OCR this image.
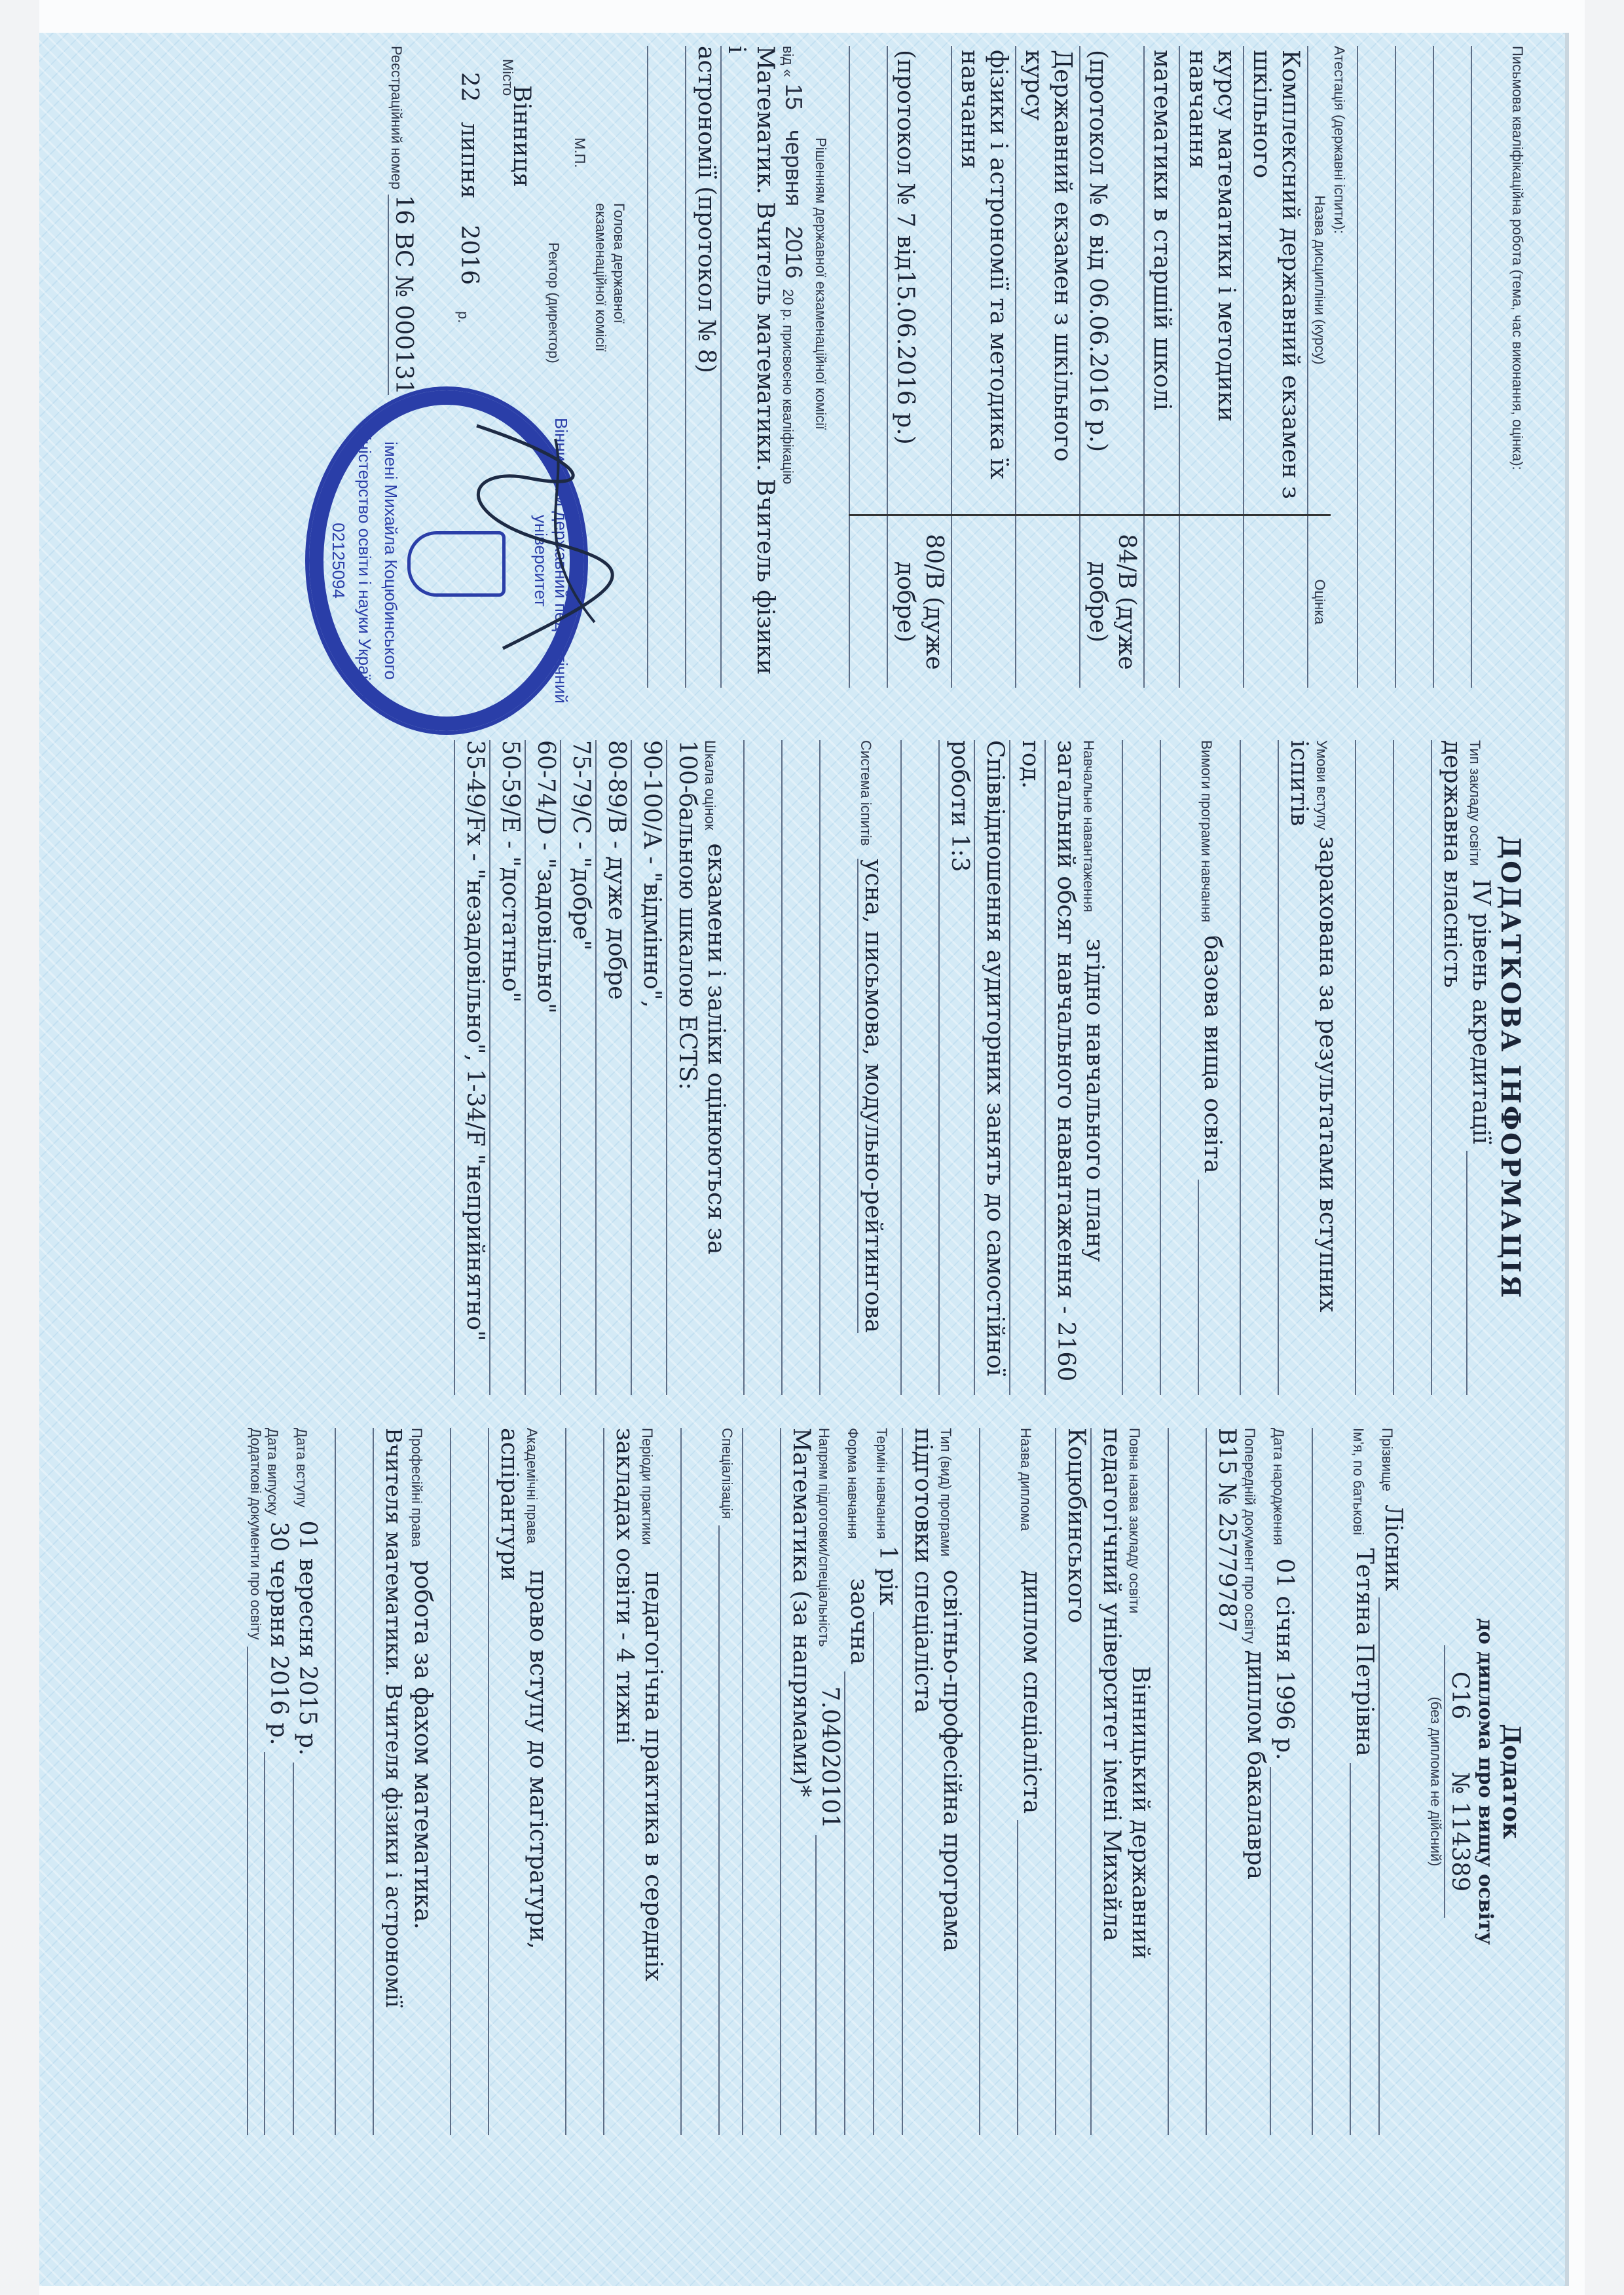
Письмова кваліфікаційна робота (тема, час виконання, оцінка):
Атестація (державні іспити):
Назва дисципліни (курсу)	Оцінка
Комплексний державний екзамен з шкільного	
курсу математики і методики навчання	
математики в старшій школі	
(протокол № 6 від 06.06.2016 р.)	84/В (дуже добре)
Державний екзамен з шкільного курсу	
фізики і астрономії та методика їх навчання	
(протокол № 7 від15.06.2016 р.)	80/В (дуже добре)

Рішенням державної екзаменаційної комісії
від «
15
червня
2016
20
р. присвоєно кваліфікацію
Математик. Вчитель математики. Вчитель фізики і
астрономії (протокол № 8)
Голова державної
екзаменаційної комісії
М.П.
Ректор (директор)
Вінниця
Місто
22
липня
2016
р.
Реєстраційний номер
16 ВС № 000131
Вінницький державний педагогічний університет
імені Михайла Коцюбинського
Міністерство освіти і науки України
02125094
ДОДАТКОВА ІНФОРМАЦІЯ
Тип закладу освіти
IV рівень акредитації
державна власність
Умови вступу
зарахована за результатами вступних
іспитів
Вимоги програми навчання
базова вища освіта
Навчальне навантаження
згідно навчального плану
загальний обсяг навчального навантаження - 2160
год.
Співвідношення аудиторних занять до самостійної
роботи 1:3
Система іспитів
усна, письмова, модульно-рейтингова
Шкала оцінок
екзамени і заліки оцінюються за
100-бальною шкалою ECTS:
90-100/А - "відмінно",
80-89/В - дуже добре
75-79/С - "добре"
60-74/D - "задовільно"
50-59/Е - "достатньо"
35-49/Fx - "незадовільно", 1-34/F "неприйнятно"
Додаток
до диплома про вищу освіту
С16
№ 114389
(без диплома не дійсний)
Прізвище
Лісник
Ім'я, по батькові
Тетяна Петрівна
Дата народження
01 січня 1996 р.
Попередній документ про освіту
диплом бакалавра
В15 № 25779787
Повна назва закладу освіти
Вінницький державний
педагогічний університет імені Михайла
Коцюбинського
Назва диплома
диплом спеціаліста
Тип (вид) програми
освітньо-професійна програма
підготовки спеціаліста
Термін навчання
1 рік
Форма навчання
заочна
Напрям підготовки/спеціальність
7.04020101
Математика (за напрямами)*
Спеціалізація
Періоди практики
педагогічна практика в середніх
закладах освіти - 4 тижні
Академічні права
право вступу до магістратури,
аспірантури
Професійні права
робота за фахом математика.
Вчителя математики. Вчителя фізики і астрономії
Дата вступу
01 вересня 2015 р.
Дата випуску
30 червня 2016 р.
Додаткові документи про освіту
